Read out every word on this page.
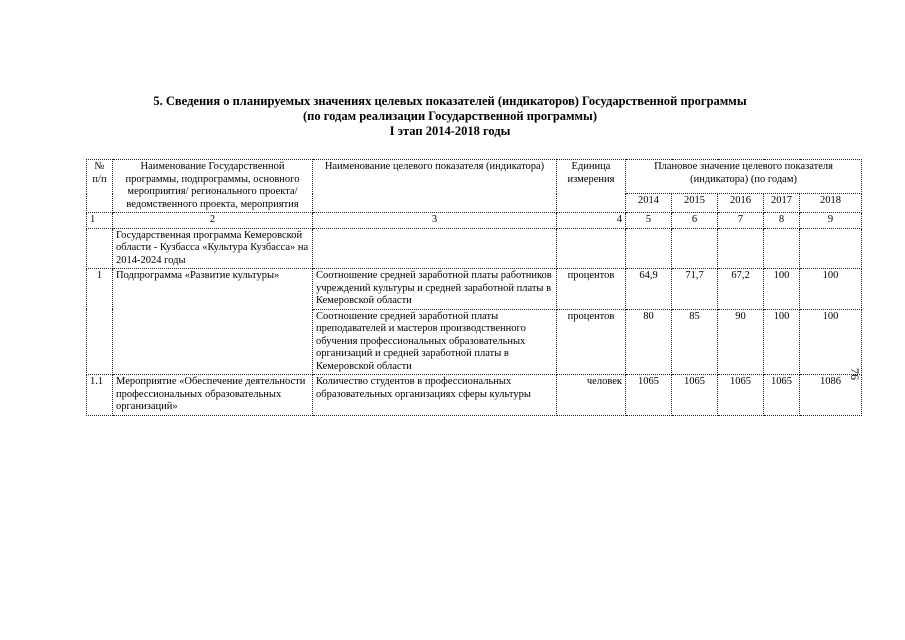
5. Сведения о планируемых значениях целевых показателей (индикаторов) Государственной программы
(по годам реализации Государственной программы)
I этап 2014-2018 годы
№ п/п	Наименование Государственной программы, подпрограммы, основного мероприятия/ регионального проекта/ведомственного проекта, мероприятия	Наименование целевого показателя (индикатора)	Единица измерения	Плановое значение целевого показателя (индикатора) (по годам)				
				2014	2015	2016	2017	2018
1	2	3	4	5	6	7	8	9
	Государственная программа Кемеровской области - Кузбасса «Культура Кузбасса» на 2014-2024 годы							
1	Подпрограмма «Развитие культуры»	Соотношение средней заработной платы работников учреждений культуры и средней заработной платы в Кемеровской области	процентов	64,9	71,7	67,2	100	100
		Соотношение средней заработной платы преподавателей и мастеров производственного обучения профессиональных образовательных организаций и средней заработной платы в Кемеровской области	процентов	80	85	90	100	100
1.1	Мероприятие «Обеспечение деятельности профессиональных образовательных организаций»	Количество студентов в профессиональных образовательных организациях сферы культуры	человек	1065	1065	1065	1065	1086
76
